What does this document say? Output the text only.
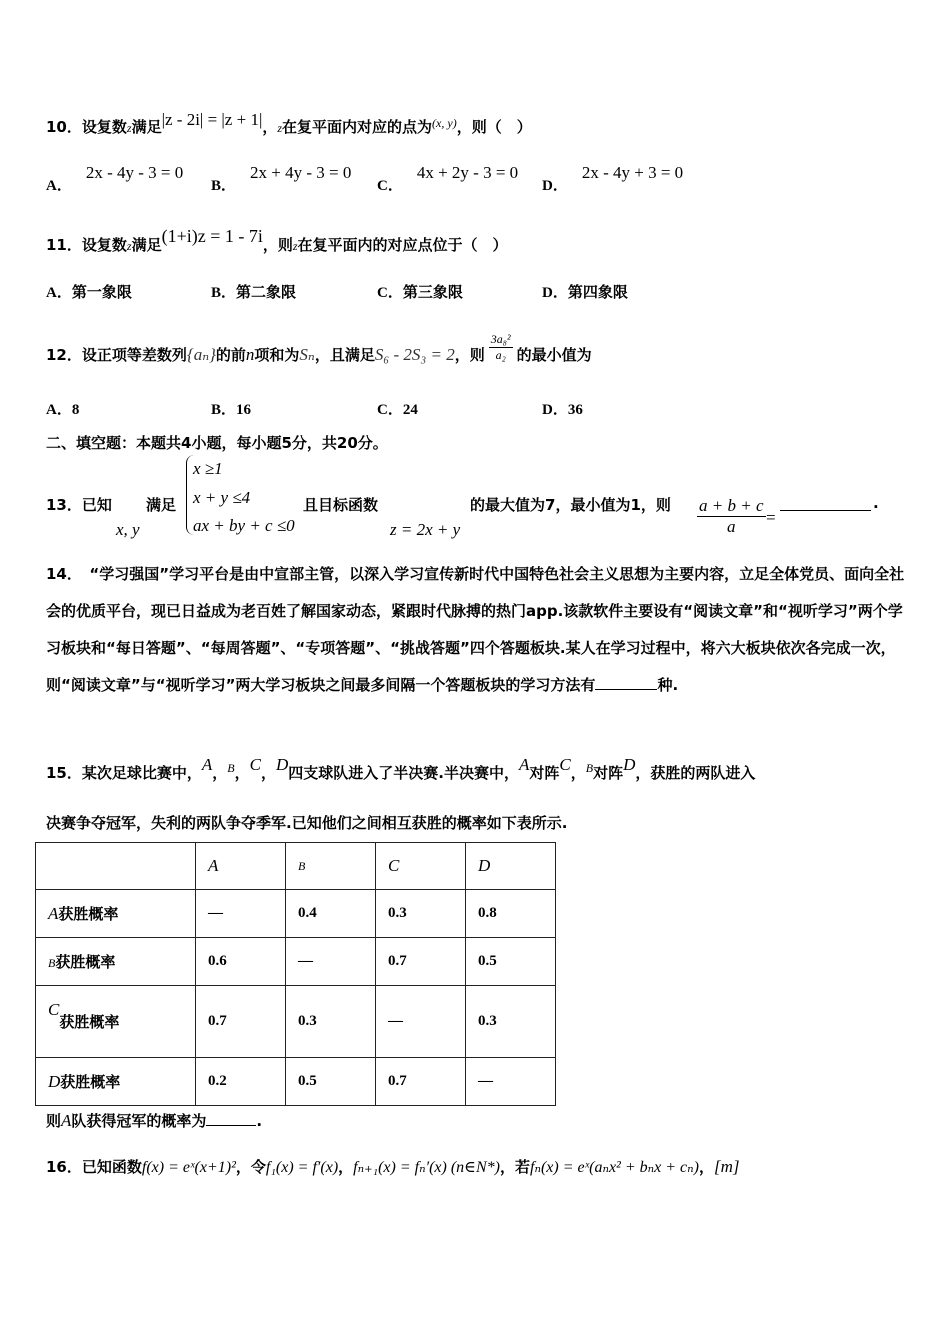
10．设复数z满足|z - 2i| = |z + 1|，z在复平面内对应的点为$^{(x, y)}$，则（　）
A．2x - 4y - 3 = 0
B．2x + 4y - 3 = 0
C．4x + 2y - 3 = 0
D．2x - 4y + 3 = 0
11．设复数z满足(1+i)z = 1 - 7i，则z在复平面内的对应点位于（　）
A．第一象限	B．第二象限	C．第三象限	D．第四象限
12．设正项等差数列{aₙ}的前n项和为Sₙ，且满足S₆ - 2S₃ = 2，则 $\frac{\text{3a₈²}}{\text{a₂}}$ 的最小值为
A．8	B．16	C．24	D．36
二、填空题：本题共4小题，每小题5分，共20分。
13．已知
x, y
满足
x ≥1
x + y ≤4
ax + by + c ≤0
且目标函数
z = 2x + y
的最大值为7，最小值为1，则 $\frac{a + b + c}{a}$ =
.
14．　“学习强国”学习平台是由中宣部主管，以深入学习宣传新时代中国特色社会主义思想为主要内容，立足全体党员、面向全社会的优质平台，现已日益成为老百姓了解国家动态，紧跟时代脉搏的热门app.该款软件主要设有“阅读文章”和“视听学习”两个学习板块和“每日答题”、“每周答题”、“专项答题”、“挑战答题”四个答题板块.某人在学习过程中，将六大板块依次各完成一次，则“阅读文章”与“视听学习”两大学习板块之间最多间隔一个答题板块的学习方法有	种.
15．某次足球比赛中，A，$^B$，C，D四支球队进入了半决赛.半决赛中，A对阵C，$^B$对阵D，获胜的两队进入
决赛争夺冠军，失利的两队争夺季军.已知他们之间相互获胜的概率如下表所示.
	A	B	C	D
A获胜概率	—	0.4	0.3	0.8
B获胜概率	0.6	—	0.7	0.5
C获胜概率	0.7	0.3	—	0.3
D获胜概率	0.2	0.5	0.7	—
则A队获得冠军的概率为	.
16．已知函数f(x) = eˣ(x+1)²，令f₁(x) = f′(x)，fₙ₊₁(x) = fₙ′(x) (n∈N*)，若fₙ(x) = eˣ(aₙx² + bₙx + cₙ)，[m]
